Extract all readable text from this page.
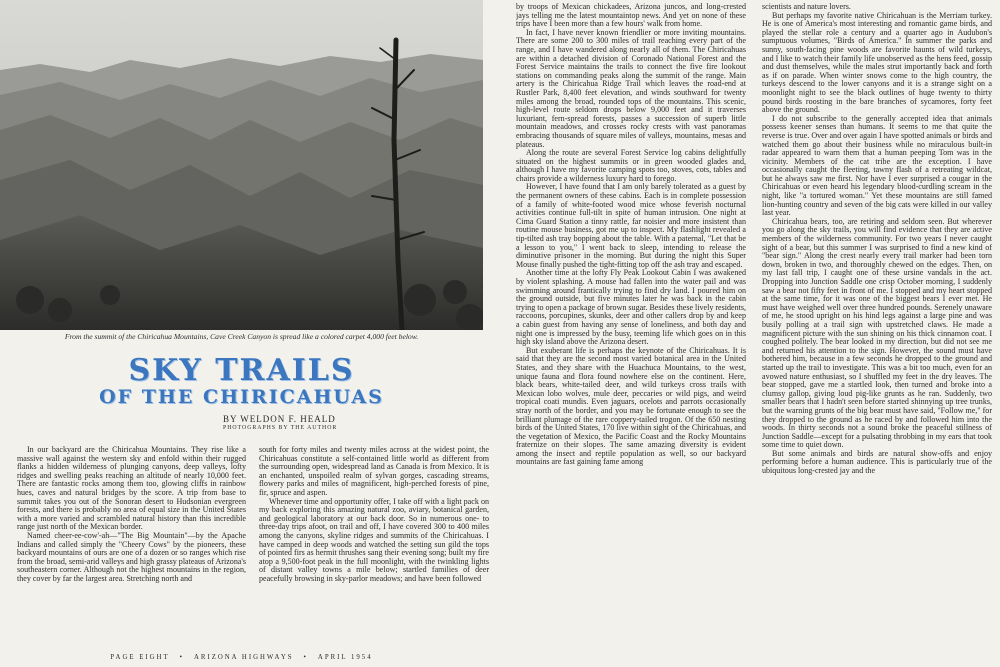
From the summit of the Chiricahua Mountains, Cave Creek Canyon is spread like a colored carpet 4,000 feet below.
SKY TRAILS
OF THE CHIRICAHUAS
BY WELDON F. HEALD
PHOTOGRAPHS BY THE AUTHOR

In our backyard are the Chiricahua Mountains. They rise like a massive wall against the western sky and enfold within their rugged flanks a hidden wilderness of plunging canyons, deep valleys, lofty ridges and swelling peaks reaching an altitude of nearly 10,000 feet. There are fantastic rocks among them too, glowing cliffs in rainbow hues, caves and natural bridges by the score. A trip from base to summit takes you out of the Sonoran desert to Hudsonian evergreen forests, and there is probably no area of equal size in the United States with a more varied and scrambled natural history than this incredible range just north of the Mexican border.

Named cheer-ee-cow'-ah—"The Big Mountain"—by the Apache Indians and called simply the "Cheery Cows" by the pioneers, these backyard mountains of ours are one of a dozen or so ranges which rise from the broad, semi-arid valleys and high grassy plateaus of Arizona's southeastern corner. Although not the highest mountains in the region, they cover by far the largest area. Stretching north and

south for forty miles and twenty miles across at the widest point, the Chiricahuas constitute a self-contained little world as different from the surrounding open, widespread land as Canada is from Mexico. It is an enchanted, unspoiled realm of sylvan gorges, cascading streams, flowery parks and miles of magnificent, high-perched forests of pine, fir, spruce and aspen.

Whenever time and opportunity offer, I take off with a light pack on my back exploring this amazing natural zoo, aviary, botanical garden, and geological laboratory at our back door. So in numerous one- to three-day trips afoot, on trail and off, I have covered 300 to 400 miles among the canyons, skyline ridges and summits of the Chiricahuas. I have camped in deep woods and watched the setting sun gild the tops of pointed firs as hermit thrushes sang their evening song; built my fire atop a 9,500-foot peak in the full moonlight, with the twinkling lights of distant valley towns a mile below; startled families of deer peacefully browsing in sky-parlor meadows; and have been followed

by troops of Mexican chickadees, Arizona juncos, and long-crested jays telling me the latest mountaintop news. And yet on none of these trips have I been more than a few hours' walk from home.

In fact, I have never known friendlier or more inviting mountains. There are some 200 to 300 miles of trail reaching every part of the range, and I have wandered along nearly all of them. The Chiricahuas are within a detached division of Coronado National Forest and the Forest Service maintains the trails to connect the five fire lookout stations on commanding peaks along the summit of the range. Main artery is the Chiricahua Ridge Trail which leaves the road-end at Rustler Park, 8,400 feet elevation, and winds southward for twenty miles among the broad, rounded tops of the mountains. This scenic, high-level route seldom drops below 9,000 feet and it traverses luxuriant, fern-spread forests, passes a succession of superb little mountain meadows, and crosses rocky crests with vast panoramas embracing thousands of square miles of valleys, mountains, mesas and plateaus.

Along the route are several Forest Service log cabins delightfully situated on the highest summits or in green wooded glades and, although I have my favorite camping spots too, stoves, cots, tables and chairs provide a wilderness luxury hard to forego.

However, I have found that I am only barely tolerated as a guest by the permanent owners of these cabins. Each is in complete possession of a family of white-footed wood mice whose feverish nocturnal activities continue full-tilt in spite of human intrusion. One night at Cima Guard Station a tinny rattle, far noisier and more insistent than routine mouse business, got me up to inspect. My flashlight revealed a tip-tilted ash tray bopping about the table. With a paternal, "Let that be a lesson to you," I went back to sleep, intending to release the diminutive prisoner in the morning. But during the night this Super Mouse finally pushed the tight-fitting top off the ash tray and escaped.

Another time at the lofty Fly Peak Lookout Cabin I was awakened by violent splashing. A mouse had fallen into the water pail and was swimming around frantically trying to find dry land. I poured him on the ground outside, but five minutes later he was back in the cabin trying to open a package of brown sugar. Besides these lively residents, raccoons, porcupines, skunks, deer and other callers drop by and keep a cabin guest from having any sense of loneliness, and both day and night one is impressed by the busy, teeming life which goes on in this high sky island above the Arizona desert.

But exuberant life is perhaps the keynote of the Chiricahuas. It is said that they are the second most varied botanical area in the United States, and they share with the Huachuca Mountains, to the west, unique fauna and flora found nowhere else on the continent. Here, black bears, white-tailed deer, and wild turkeys cross trails with Mexican lobo wolves, mule deer, peccaries or wild pigs, and weird tropical coati mundis. Even jaguars, ocelots and parrots occasionally stray north of the border, and you may be fortunate enough to see the brilliant plumage of the rare coppery-tailed trogon. Of the 650 nesting birds of the United States, 170 live within sight of the Chiricahuas, and the vegetation of Mexico, the Pacific Coast and the Rocky Mountains fraternize on their slopes. The same amazing diversity is evident among the insect and reptile population as well, so our backyard mountains are fast gaining fame among

scientists and nature lovers.

But perhaps my favorite native Chiricahuan is the Merriam turkey. He is one of America's most interesting and romantic game birds, and played the stellar role a century and a quarter ago in Audubon's sumptuous volumes, "Birds of America." In summer the parks and sunny, south-facing pine woods are favorite haunts of wild turkeys, and I like to watch their family life unobserved as the hens feed, gossip and dust themselves, while the males strut importantly back and forth as if on parade. When winter snows come to the high country, the turkeys descend to the lower canyons and it is a strange sight on a moonlight night to see the black outlines of huge twenty to thirty pound birds roosting in the bare branches of sycamores, forty feet above the ground.

I do not subscribe to the generally accepted idea that animals possess keener senses than humans. It seems to me that quite the reverse is true. Over and over again I have spotted animals or birds and watched them go about their business while no miraculous built-in radar appeared to warn them that a human peeping Tom was in the vicinity. Members of the cat tribe are the exception. I have occasionally caught the fleeting, tawny flash of a retreating wildcat, but he always saw me first. Nor have I ever surprised a cougar in the Chiricahuas or even heard his legendary blood-curdling scream in the night, like "a tortured woman." Yet these mountains are still famed lion-hunting country and seven of the big cats were killed in our valley last year.

Chiricahua bears, too, are retiring and seldom seen. But wherever you go along the sky trails, you will find evidence that they are active members of the wilderness community. For two years I never caught sight of a bear, but this summer I was surprised to find a new kind of "bear sign." Along the crest nearly every trail marker had been torn down, broken in two, and thoroughly chewed on the edges. Then, on my last fall trip, I caught one of these ursine vandals in the act. Dropping into Junction Saddle one crisp October morning, I suddenly saw a bear not fifty feet in front of me. I stopped and my heart stopped at the same time, for it was one of the biggest bears I ever met. He must have weighed well over three hundred pounds. Serenely unaware of me, he stood upright on his hind legs against a large pine and was busily polling at a trail sign with upstretched claws. He made a magnificent picture with the sun shining on his thick cinnamon coat. I coughed politely. The bear looked in my direction, but did not see me and returned his attention to the sign. However, the sound must have bothered him, because in a few seconds he dropped to the ground and started up the trail to investigate. This was a bit too much, even for an avowed nature enthusiast, so I shuffled my feet in the dry leaves. The bear stopped, gave me a startled look, then turned and broke into a clumsy gallop, giving loud pig-like grunts as he ran. Suddenly, two smaller bears that I hadn't seen before started shinnying up tree trunks, but the warning grunts of the big bear must have said, "Follow me," for they dropped to the ground as he raced by and followed him into the woods. In thirty seconds not a sound broke the peaceful stillness of Junction Saddle—except for a pulsating throbbing in my ears that took some time to quiet down.

But some animals and birds are natural show-offs and enjoy performing before a human audience. This is particularly true of the ubiquitous long-crested jay and the

PAGE EIGHT • ARIZONA HIGHWAYS • APRIL 1954
